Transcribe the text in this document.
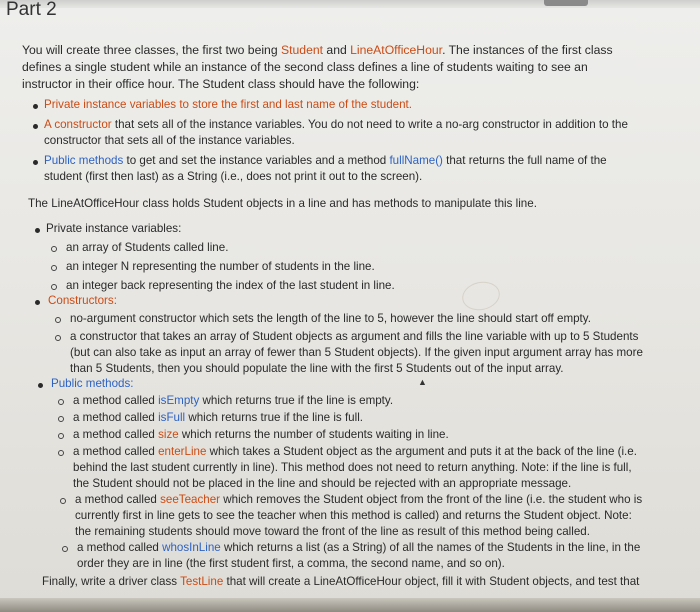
Part 2

You will create three classes, the first two being Student and LineAtOfficeHour. The instances of the first class defines a single student while an instance of the second class defines a line of students waiting to see an instructor in their office hour. The Student class should have the following:

Private instance variables to store the first and last name of the student.

A constructor that sets all of the instance variables. You do not need to write a no-arg constructor in addition to the constructor that sets all of the instance variables.

Public methods to get and set the instance variables and a method fullName() that returns the full name of the student (first then last) as a String (i.e., does not print it out to the screen).

The LineAtOfficeHour class holds Student objects in a line and has methods to manipulate this line.

Private instance variables:

an array of Students called line.

an integer N representing the number of students in the line.

an integer back representing the index of the last student in line.

Constructors:

no-argument constructor which sets the length of the line to 5, however the line should start off empty.

a constructor that takes an array of Student objects as argument and fills the line variable with up to 5 Students (but can also take as input an array of fewer than 5 Student objects). If the given input argument array has more than 5 Students, then you should populate the line with the first 5 Students out of the input array.

Public methods:	▲

a method called isEmpty which returns true if the line is empty.

a method called isFull which returns true if the line is full.

a method called size which returns the number of students waiting in line.

a method called enterLine which takes a Student object as the argument and puts it at the back of the line (i.e. behind the last student currently in line). This method does not need to return anything. Note: if the line is full, the Student should not be placed in the line and should be rejected with an appropriate message.

a method called seeTeacher which removes the Student object from the front of the line (i.e. the student who is currently first in line gets to see the teacher when this method is called) and returns the Student object. Note: the remaining students should move toward the front of the line as result of this method being called.

a method called whosInLine which returns a list (as a String) of all the names of the Students in the line, in the order they are in line (the first student first, a comma, the second name, and so on).

Finally, write a driver class TestLine that will create a LineAtOfficeHour object, fill it with Student objects, and test that
